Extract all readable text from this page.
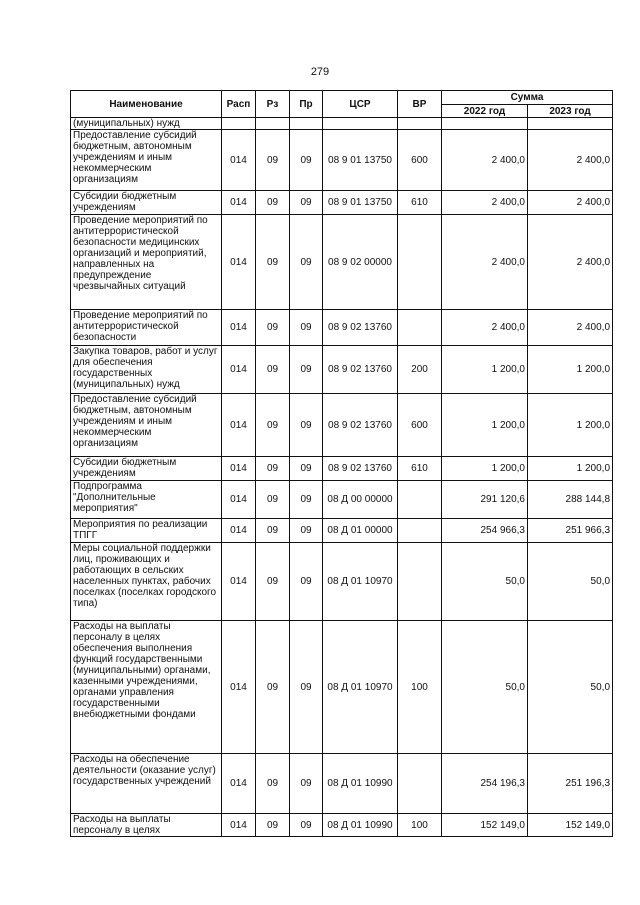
279
Наименование	Расп	Рз	Пр	ЦСР	ВР	Сумма	
						2022 год	2023 год
(муниципальных) нужд							
Предоставление субсидий бюджетным, автономным учреждениям и иным некоммерческим организациям	014	09	09	08 9 01 13750	600	2 400,0	2 400,0
Субсидии бюджетным учреждениям	014	09	09	08 9 01 13750	610	2 400,0	2 400,0
Проведение мероприятий по антитеррористической безопасности медицинских организаций и мероприятий, направленных на предупреждение чрезвычайных ситуаций	014	09	09	08 9 02 00000		2 400,0	2 400,0
Проведение мероприятий по антитеррористической безопасности	014	09	09	08 9 02 13760		2 400,0	2 400,0
Закупка товаров, работ и услуг для обеспечения государственных (муниципальных) нужд	014	09	09	08 9 02 13760	200	1 200,0	1 200,0
Предоставление субсидий бюджетным, автономным учреждениям и иным некоммерческим организациям	014	09	09	08 9 02 13760	600	1 200,0	1 200,0
Субсидии бюджетным учреждениям	014	09	09	08 9 02 13760	610	1 200,0	1 200,0
Подпрограмма "Дополнительные мероприятия"	014	09	09	08 Д 00 00000		291 120,6	288 144,8
Мероприятия по реализации ТПГГ	014	09	09	08 Д 01 00000		254 966,3	251 966,3
Меры социальной поддержки лиц, проживающих и работающих в сельских населенных пунктах, рабочих поселках (поселках городского типа)	014	09	09	08 Д 01 10970		50,0	50,0
Расходы на выплаты персоналу в целях обеспечения выполнения функций государственными (муниципальными) органами, казенными учреждениями, органами управления государственными внебюджетными фондами	014	09	09	08 Д 01 10970	100	50,0	50,0
Расходы на обеспечение деятельности (оказание услуг) государственных учреждений	014	09	09	08 Д 01 10990		254 196,3	251 196,3
Расходы на выплаты персоналу в целях	014	09	09	08 Д 01 10990	100	152 149,0	152 149,0
